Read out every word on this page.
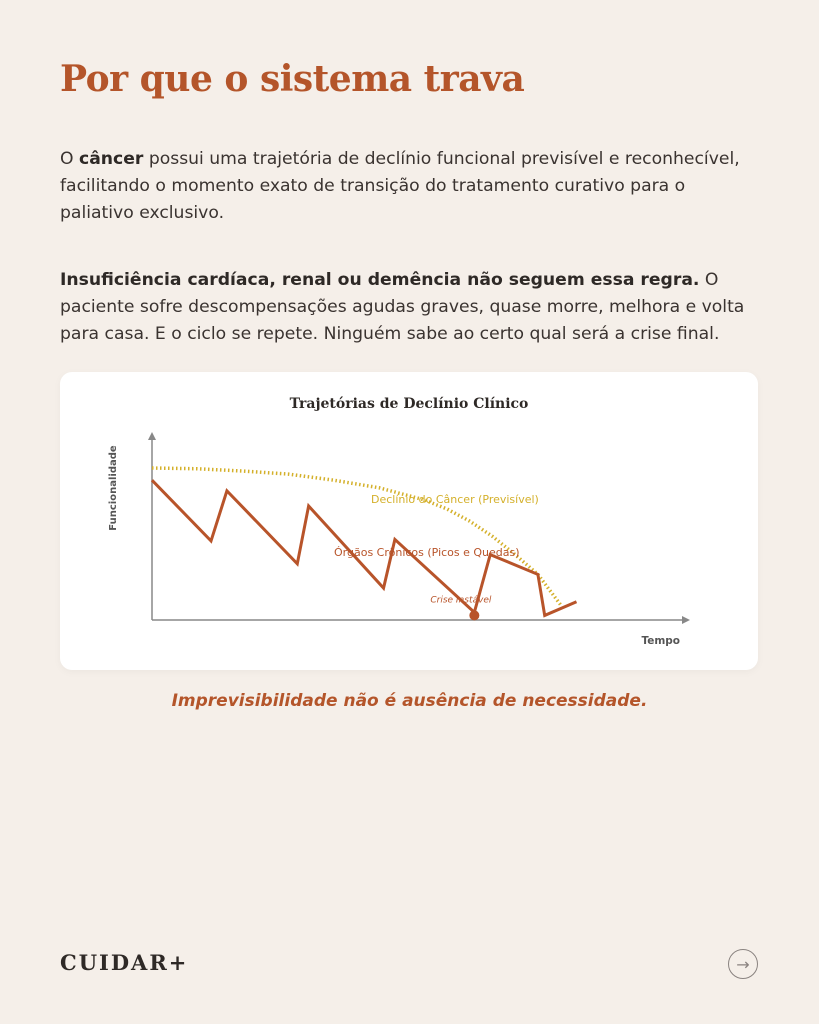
Por que o sistema trava

O câncer possui uma trajetória de declínio funcional previsível e reconhecível, facilitando o momento exato de transição do tratamento curativo para o paliativo exclusivo.

Insuficiência cardíaca, renal ou demência não seguem essa regra. O paciente sofre descompensações agudas graves, quase morre, melhora e volta para casa. E o ciclo se repete. Ninguém sabe ao certo qual será a crise final.

Trajetórias de Declínio Clínico
Funcionalidade
Tempo
Declínio do Câncer (Previsível)
Órgãos Crônicos (Picos e Quedas)
Crise Instável

Imprevisibilidade não é ausência de necessidade.

CUIDAR+	→
